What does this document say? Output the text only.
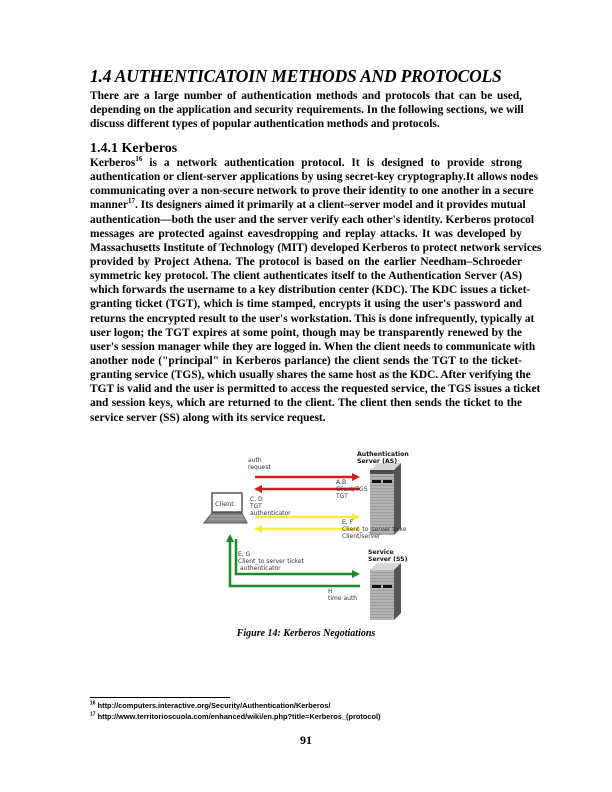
1.4 AUTHENTICATOIN METHODS AND PROTOCOLS
There are a large number of authentication methods and protocols that can be used,
depending on the application and security requirements. In the following sections, we will
discuss different types of popular authentication methods and protocols.
1.4.1 Kerberos
Kerberos$^{16}$ is a network authentication protocol. It is designed to provide strong
authentication or client-server applications by using secret-key cryptography.It allows nodes
communicating over a non-secure network to prove their identity to one another in a secure
manner$^{17}$. Its designers aimed it primarily at a client–server model and it provides mutual
authentication—both the user and the server verify each other's identity. Kerberos protocol
messages are protected against eavesdropping and replay attacks. It was developed by
Massachusetts Institute of Technology (MIT) developed Kerberos to protect network services
provided by Project Athena. The protocol is based on the earlier Needham–Schroeder
symmetric key protocol. The client authenticates itself to the Authentication Server (AS)
which forwards the username to a key distribution center (KDC). The KDC issues a ticket-
granting ticket (TGT), which is time stamped, encrypts it using the user's password and
returns the encrypted result to the user's workstation. This is done infrequently, typically at
user logon; the TGT expires at some point, though may be transparently renewed by the
user's session manager while they are logged in. When the client needs to communicate with
another node ("principal" in Kerberos parlance) the client sends the TGT to the ticket-
granting service (TGS), which usually shares the same host as the KDC. After verifying the
TGT is valid and the user is permitted to access the requested service, the TGS issues a ticket
and session keys, which are returned to the client. The client then sends the ticket to the
service server (SS) along with its service request.
Authentication
Server (AS)
Service
Server (SS)
Client
auth
request
A,B
Client/TGS
TGT
C, D
TGT
authenticator
E, F
Client_to_server ticke
Client/server
E, G
Client_to server ticket
authenticator
H
time auth
Figure 14: Kerberos Negotiations
$^{16}$ http://computers.interactive.org/Security/Authentication/Kerberos/
$^{17}$ http://www.territorioscuola.com/enhanced/wiki/en.php?title=Kerberos_(protocol)
91
